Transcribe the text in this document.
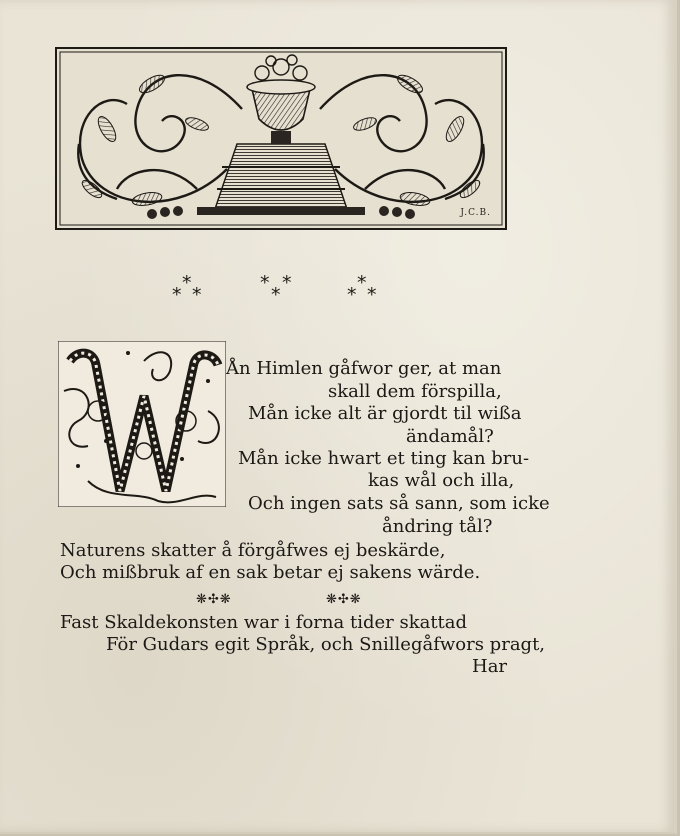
J.C.B.
*
* *
* *
*
*
* *
Ån Himlen gåfwor ger, at man
skall dem förspilla,
Mån icke alt är gjordt til wißa
ändamål?
Mån icke hwart et ting kan bru-
kas wål och illa,
Och ingen sats så sann, som icke
åndring tål?
Naturens skatter å förgåfwes ej beskärde,
Och mißbruk af en sak betar ej sakens wärde.
❋✣❋	❋✣❋
Fast Skaldekonsten war i forna tider skattad
För Gudars egit Språk, och Snillegåfwors pragt,
Har
